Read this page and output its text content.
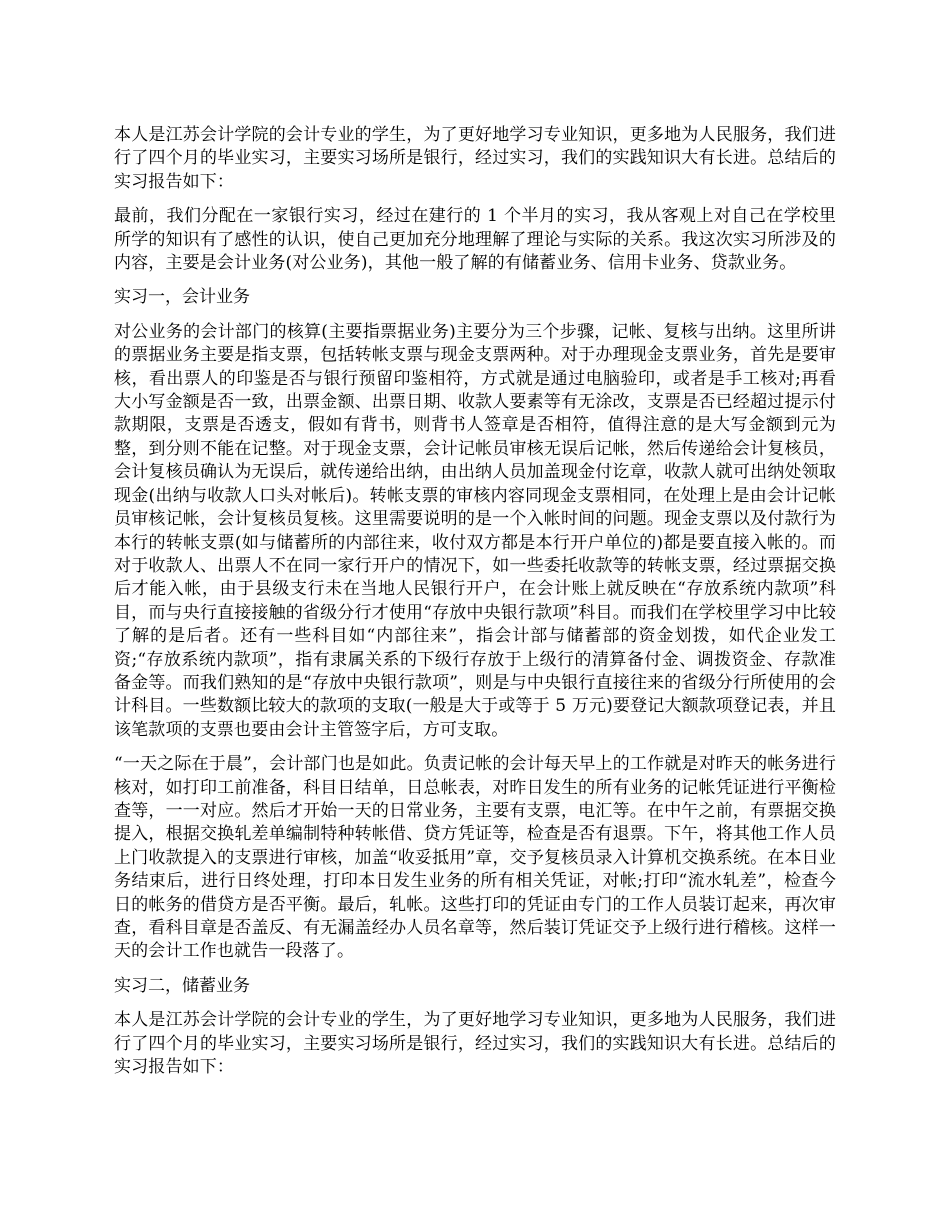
本人是江苏会计学院的会计专业的学生，为了更好地学习专业知识，更多地为人民服务，我们进行了四个月的毕业实习，主要实习场所是银行，经过实习，我们的实践知识大有长进。总结后的实习报告如下：

最前，我们分配在一家银行实习，经过在建行的 1 个半月的实习，我从客观上对自己在学校里所学的知识有了感性的认识，使自己更加充分地理解了理论与实际的关系。我这次实习所涉及的内容，主要是会计业务(对公业务)，其他一般了解的有储蓄业务、信用卡业务、贷款业务。

实习一，会计业务

对公业务的会计部门的核算(主要指票据业务)主要分为三个步骤，记帐、复核与出纳。这里所讲的票据业务主要是指支票，包括转帐支票与现金支票两种。对于办理现金支票业务，首先是要审核，看出票人的印鉴是否与银行预留印鉴相符，方式就是通过电脑验印，或者是手工核对;再看大小写金额是否一致，出票金额、出票日期、收款人要素等有无涂改，支票是否已经超过提示付款期限，支票是否透支，假如有背书，则背书人签章是否相符，值得注意的是大写金额到元为整，到分则不能在记整。对于现金支票，会计记帐员审核无误后记帐，然后传递给会计复核员，会计复核员确认为无误后，就传递给出纳，由出纳人员加盖现金付讫章，收款人就可出纳处领取现金(出纳与收款人口头对帐后)。转帐支票的审核内容同现金支票相同，在处理上是由会计记帐员审核记帐，会计复核员复核。这里需要说明的是一个入帐时间的问题。现金支票以及付款行为本行的转帐支票(如与储蓄所的内部往来，收付双方都是本行开户单位的)都是要直接入帐的。而对于收款人、出票人不在同一家行开户的情况下，如一些委托收款等的转帐支票，经过票据交换后才能入帐，由于县级支行未在当地人民银行开户，在会计账上就反映在“存放系统内款项”科目，而与央行直接接触的省级分行才使用“存放中央银行款项”科目。而我们在学校里学习中比较了解的是后者。还有一些科目如“内部往来”，指会计部与储蓄部的资金划拨，如代企业发工资;“存放系统内款项”，指有隶属关系的下级行存放于上级行的清算备付金、调拨资金、存款准备金等。而我们熟知的是“存放中央银行款项”，则是与中央银行直接往来的省级分行所使用的会计科目。一些数额比较大的款项的支取(一般是大于或等于 5 万元)要登记大额款项登记表，并且该笔款项的支票也要由会计主管签字后，方可支取。

“一天之际在于晨”，会计部门也是如此。负责记帐的会计每天早上的工作就是对昨天的帐务进行核对，如打印工前准备，科目日结单，日总帐表，对昨日发生的所有业务的记帐凭证进行平衡检查等，一一对应。然后才开始一天的日常业务，主要有支票，电汇等。在中午之前，有票据交换提入，根据交换轧差单编制特种转帐借、贷方凭证等，检查是否有退票。下午，将其他工作人员上门收款提入的支票进行审核，加盖“收妥抵用”章，交予复核员录入计算机交换系统。在本日业务结束后，进行日终处理，打印本日发生业务的所有相关凭证，对帐;打印“流水轧差”，检查今日的帐务的借贷方是否平衡。最后，轧帐。这些打印的凭证由专门的工作人员装订起来，再次审查，看科目章是否盖反、有无漏盖经办人员名章等，然后装订凭证交予上级行进行稽核。这样一天的会计工作也就告一段落了。

实习二，储蓄业务

本人是江苏会计学院的会计专业的学生，为了更好地学习专业知识，更多地为人民服务，我们进行了四个月的毕业实习，主要实习场所是银行，经过实习，我们的实践知识大有长进。总结后的实习报告如下：
